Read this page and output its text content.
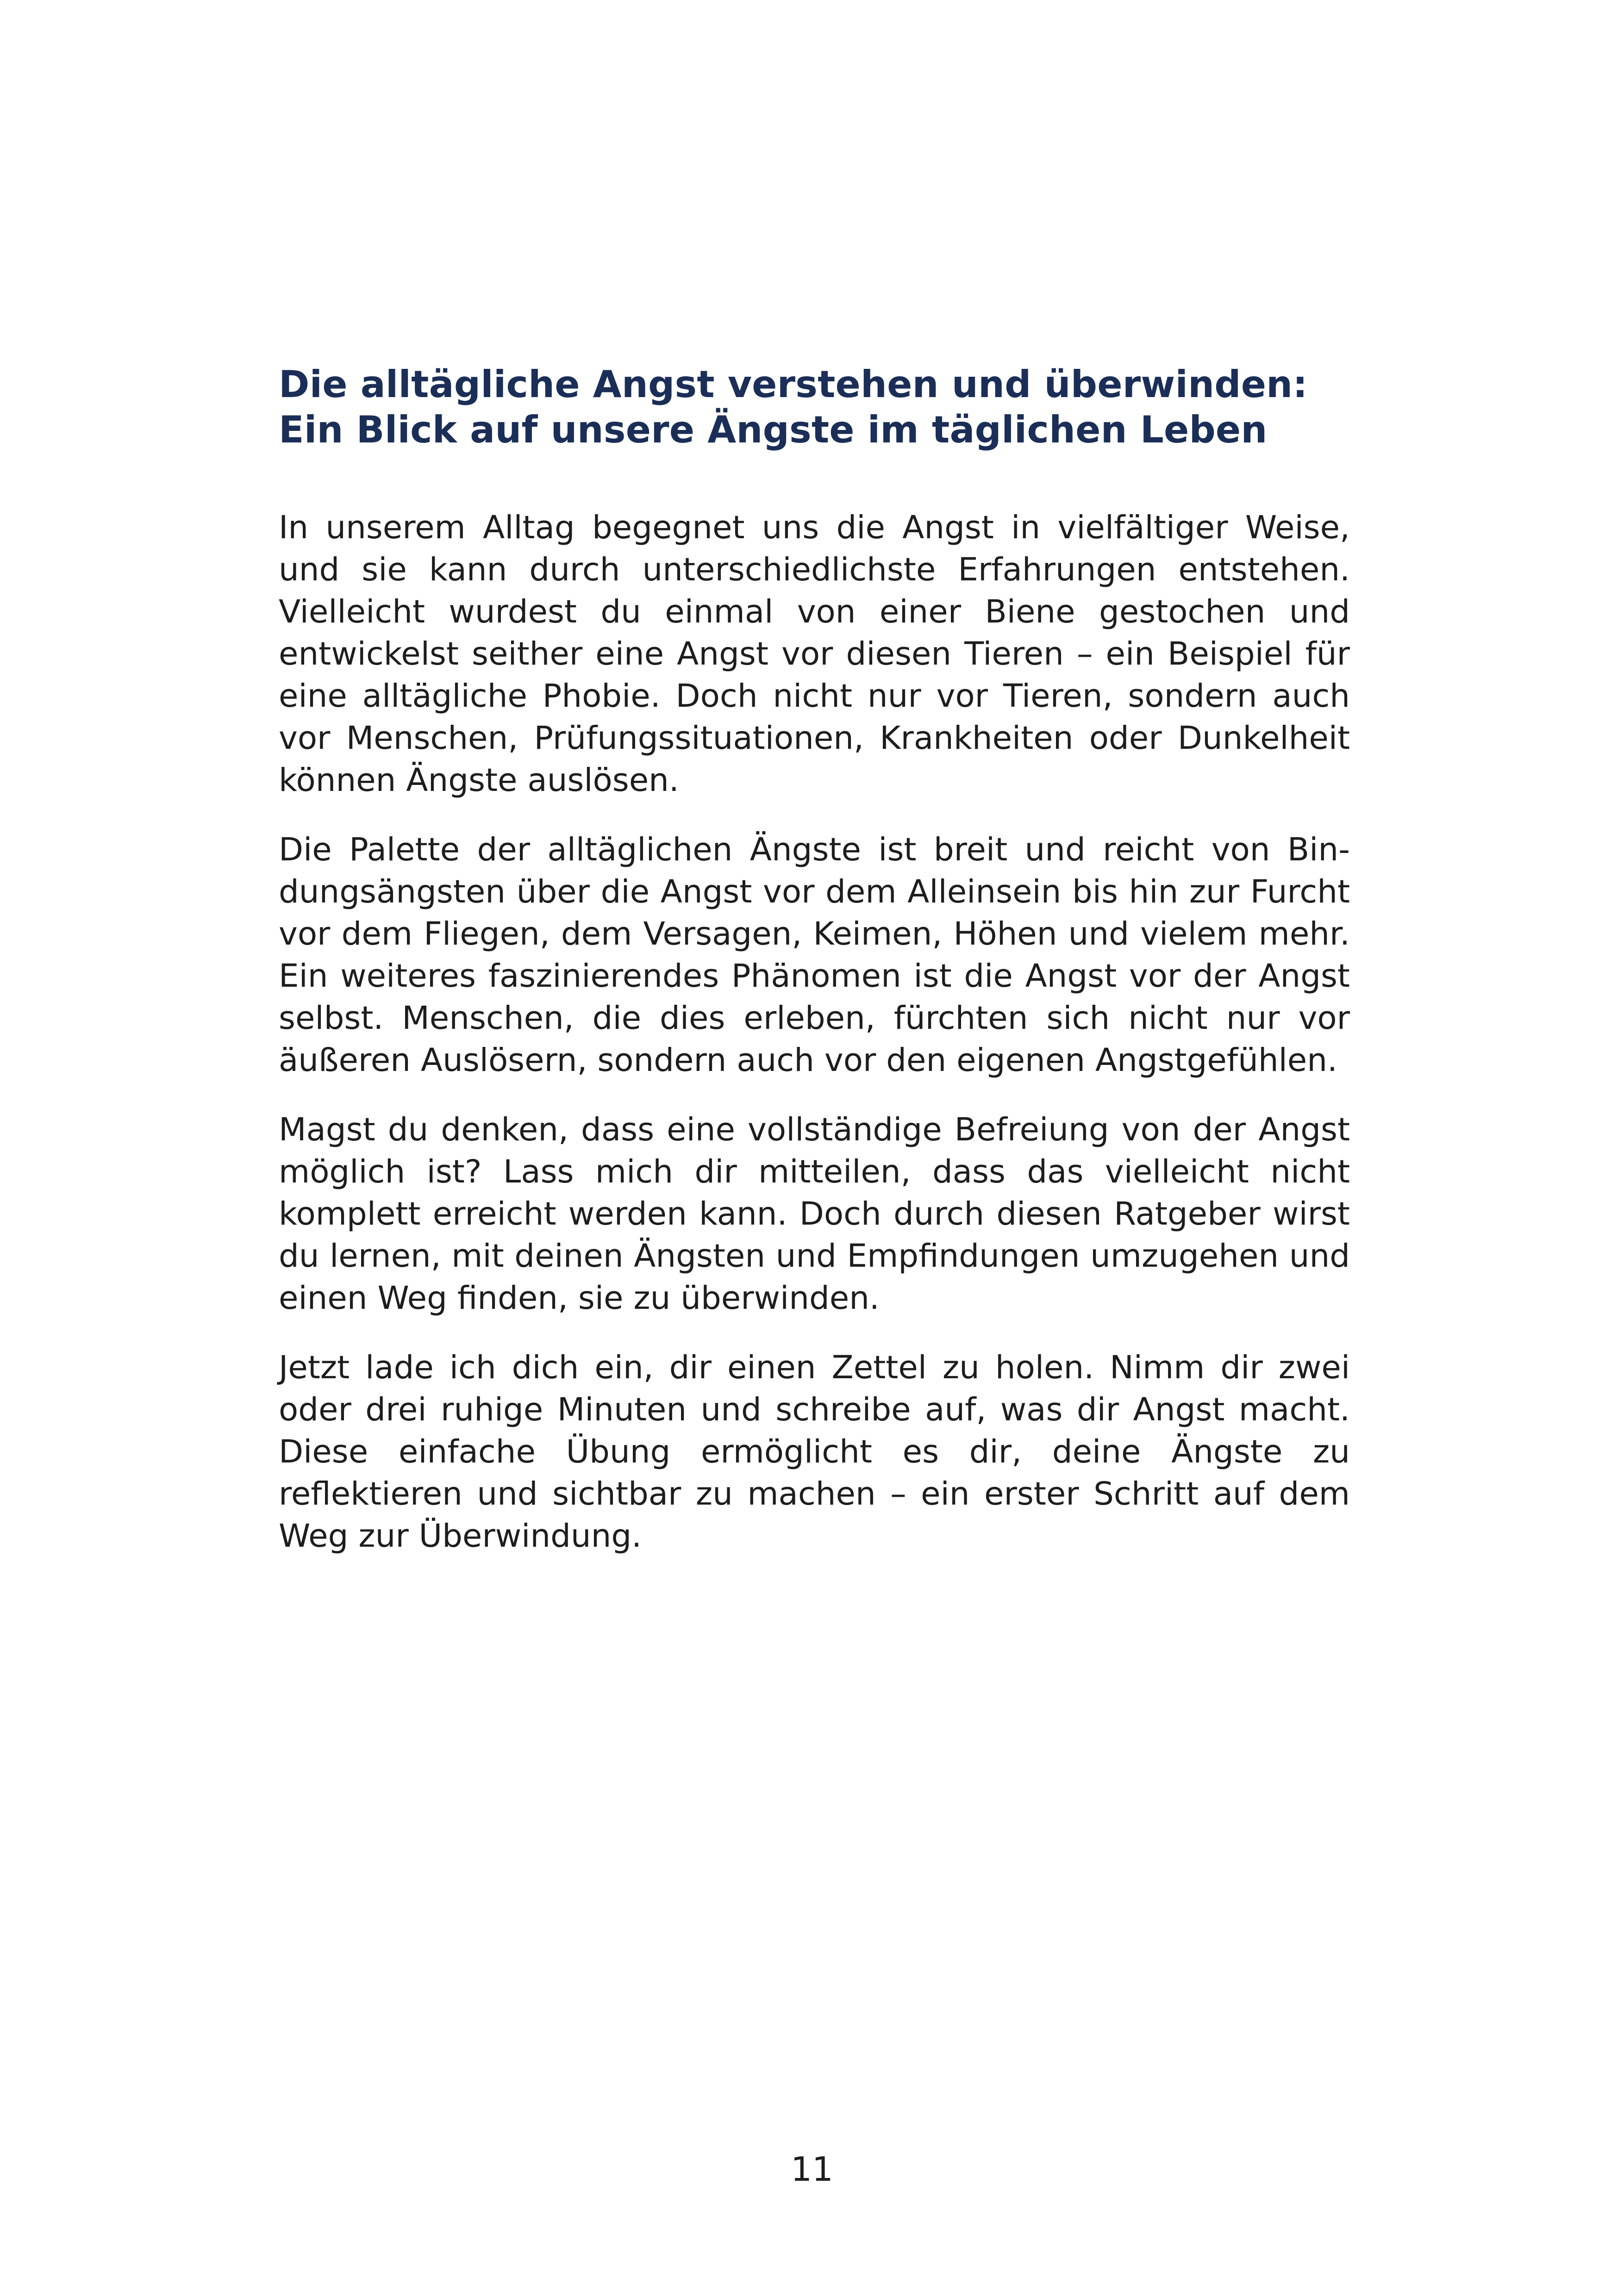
Die alltägliche Angst verstehen und überwinden:
Ein Blick auf unsere Ängste im täglichen Leben

In unserem Alltag begegnet uns die Angst in vielfältiger Weise, und sie kann durch unterschiedlichste Erfahrungen entstehen. Vielleicht wurdest du einmal von einer Biene gestochen und entwickelst seither eine Angst vor diesen Tieren – ein Beispiel für eine alltägliche Phobie. Doch nicht nur vor Tieren, sondern auch vor Menschen, Prüfungssituationen, Krankheiten oder Dunkelheit können Ängste auslösen.

Die Palette der alltäglichen Ängste ist breit und reicht von Bindungsängsten über die Angst vor dem Alleinsein bis hin zur Furcht vor dem Fliegen, dem Versagen, Keimen, Höhen und vielem mehr. Ein weiteres faszinierendes Phänomen ist die Angst vor der Angst selbst. Menschen, die dies erleben, fürchten sich nicht nur vor äußeren Auslösern, sondern auch vor den eigenen Angstgefühlen.

Magst du denken, dass eine vollständige Befreiung von der Angst möglich ist? Lass mich dir mitteilen, dass das vielleicht nicht komplett erreicht werden kann. Doch durch diesen Ratgeber wirst du lernen, mit deinen Ängsten und Empfindungen umzugehen und einen Weg finden, sie zu überwinden.

Jetzt lade ich dich ein, dir einen Zettel zu holen. Nimm dir zwei oder drei ruhige Minuten und schreibe auf, was dir Angst macht. Diese einfache Übung ermöglicht es dir, deine Ängste zu reflektieren und sichtbar zu machen – ein erster Schritt auf dem Weg zur Überwindung.

11
